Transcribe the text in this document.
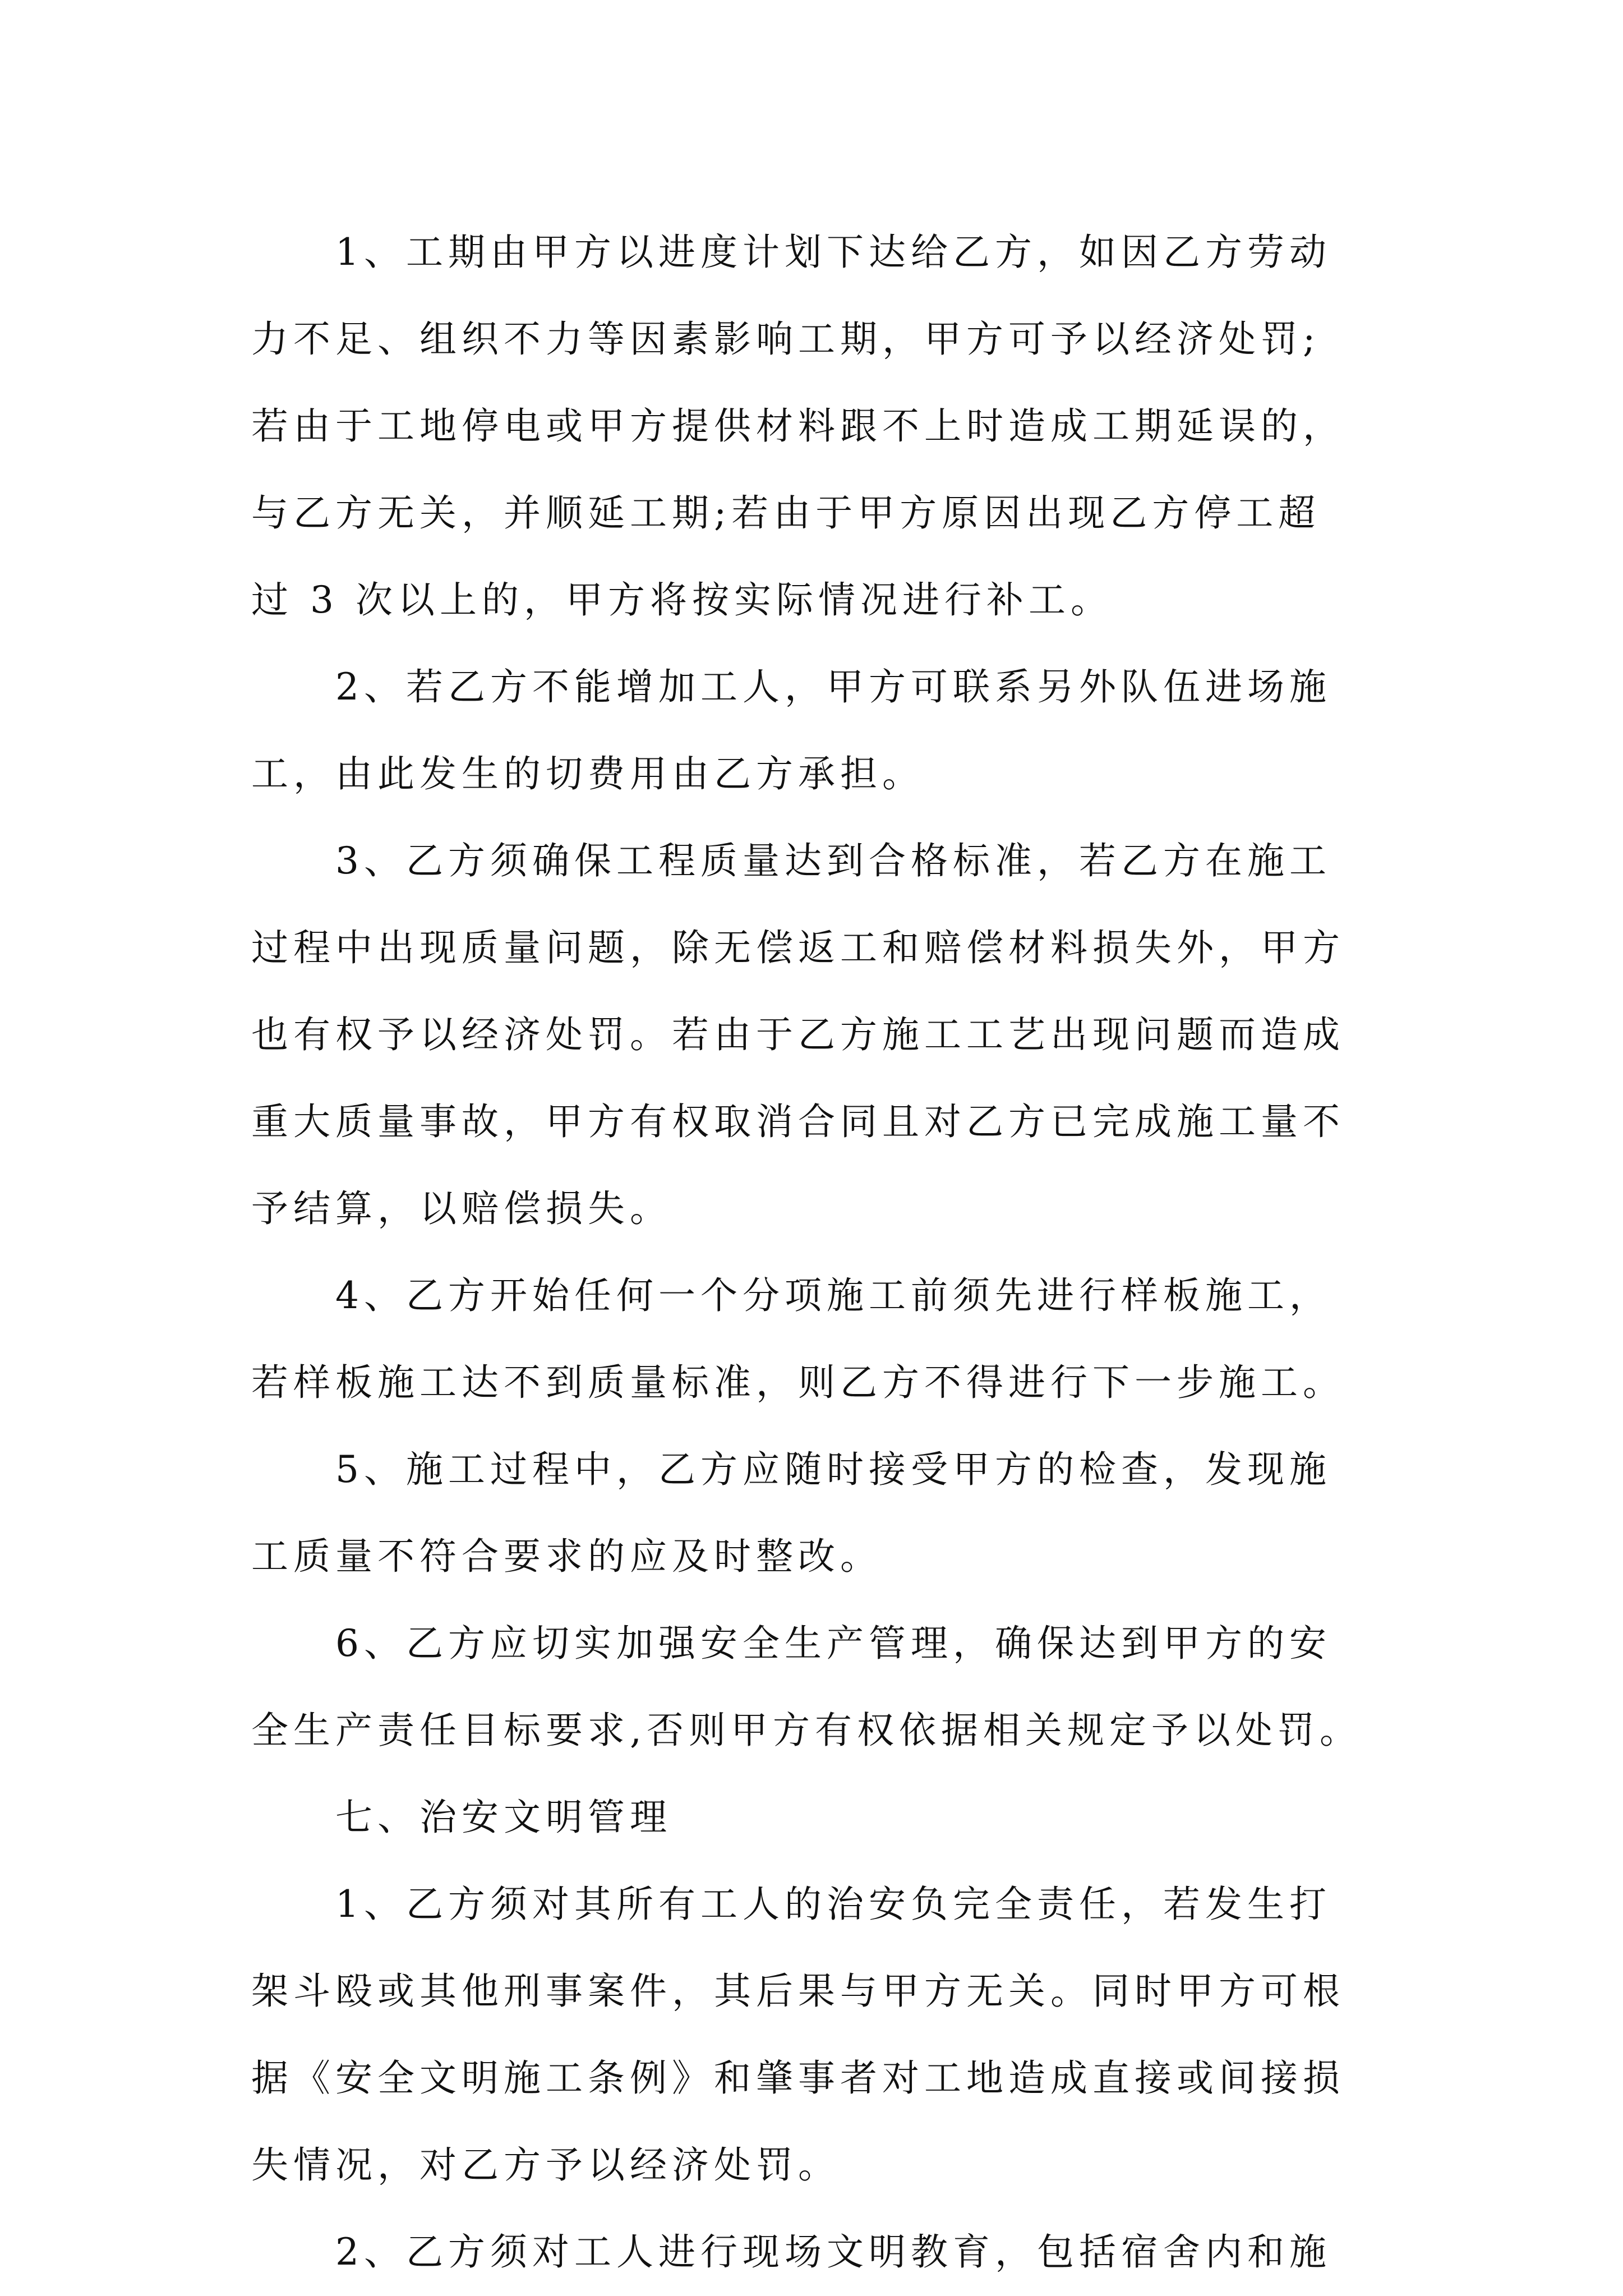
1、工期由甲方以进度计划下达给乙方，如因乙方劳动
力不足、组织不力等因素影响工期，甲方可予以经济处罚;
若由于工地停电或甲方提供材料跟不上时造成工期延误的，
与乙方无关，并顺延工期;若由于甲方原因出现乙方停工超
过 3 次以上的，甲方将按实际情况进行补工。
2、若乙方不能增加工人，甲方可联系另外队伍进场施
工，由此发生的切费用由乙方承担。
3、乙方须确保工程质量达到合格标准，若乙方在施工
过程中出现质量问题，除无偿返工和赔偿材料损失外，甲方
也有权予以经济处罚。若由于乙方施工工艺出现问题而造成
重大质量事故，甲方有权取消合同且对乙方已完成施工量不
予结算，以赔偿损失。
4、乙方开始任何一个分项施工前须先进行样板施工，
若样板施工达不到质量标准，则乙方不得进行下一步施工。
5、施工过程中，乙方应随时接受甲方的检查，发现施
工质量不符合要求的应及时整改。
6、乙方应切实加强安全生产管理，确保达到甲方的安
全生产责任目标要求,否则甲方有权依据相关规定予以处罚。
七、治安文明管理
1、乙方须对其所有工人的治安负完全责任，若发生打
架斗殴或其他刑事案件，其后果与甲方无关。同时甲方可根
据《安全文明施工条例》和肇事者对工地造成直接或间接损
失情况，对乙方予以经济处罚。
2、乙方须对工人进行现场文明教育，包括宿舍内和施
